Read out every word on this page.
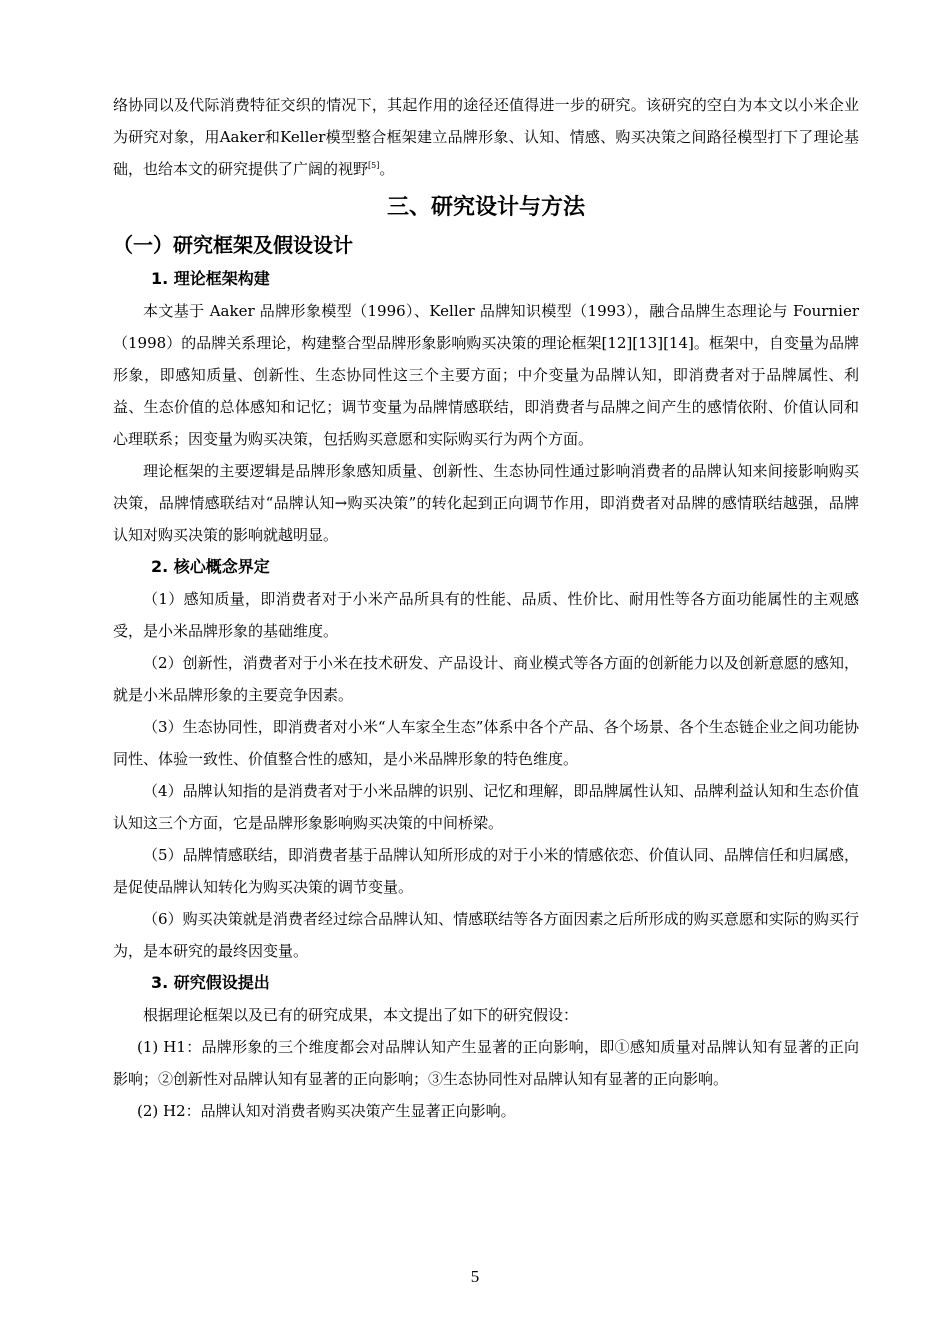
络协同以及代际消费特征交织的情况下，其起作用的途径还值得进一步的研究。该研究的空白为本文以小米企业为研究对象，用Aaker和Keller模型整合框架建立品牌形象、认知、情感、购买决策之间路径模型打下了理论基础，也给本文的研究提供了广阔的视野[5]。

三、研究设计与方法
（一）研究框架及假设设计
1. 理论框架构建

本文基于 Aaker 品牌形象模型（1996）、Keller 品牌知识模型（1993），融合品牌生态理论与 Fournier（1998）的品牌关系理论，构建整合型品牌形象影响购买决策的理论框架[12][13][14]。框架中，自变量为品牌形象，即感知质量、创新性、生态协同性这三个主要方面；中介变量为品牌认知，即消费者对于品牌属性、利益、生态价值的总体感知和记忆；调节变量为品牌情感联结，即消费者与品牌之间产生的感情依附、价值认同和心理联系；因变量为购买决策，包括购买意愿和实际购买行为两个方面。

理论框架的主要逻辑是品牌形象感知质量、创新性、生态协同性通过影响消费者的品牌认知来间接影响购买决策，品牌情感联结对“品牌认知→购买决策”的转化起到正向调节作用，即消费者对品牌的感情联结越强，品牌认知对购买决策的影响就越明显。

2. 核心概念界定

（1）感知质量，即消费者对于小米产品所具有的性能、品质、性价比、耐用性等各方面功能属性的主观感受，是小米品牌形象的基础维度。

（2）创新性，消费者对于小米在技术研发、产品设计、商业模式等各方面的创新能力以及创新意愿的感知，就是小米品牌形象的主要竞争因素。

（3）生态协同性，即消费者对小米“人车家全生态”体系中各个产品、各个场景、各个生态链企业之间功能协同性、体验一致性、价值整合性的感知，是小米品牌形象的特色维度。

（4）品牌认知指的是消费者对于小米品牌的识别、记忆和理解，即品牌属性认知、品牌利益认知和生态价值认知这三个方面，它是品牌形象影响购买决策的中间桥梁。

（5）品牌情感联结，即消费者基于品牌认知所形成的对于小米的情感依恋、价值认同、品牌信任和归属感，是促使品牌认知转化为购买决策的调节变量。

（6）购买决策就是消费者经过综合品牌认知、情感联结等各方面因素之后所形成的购买意愿和实际的购买行为，是本研究的最终因变量。

3. 研究假设提出

根据理论框架以及已有的研究成果，本文提出了如下的研究假设：

(1) H1：品牌形象的三个维度都会对品牌认知产生显著的正向影响，即①感知质量对品牌认知有显著的正向影响；②创新性对品牌认知有显著的正向影响；③生态协同性对品牌认知有显著的正向影响。

(2) H2：品牌认知对消费者购买决策产生显著正向影响。

5
